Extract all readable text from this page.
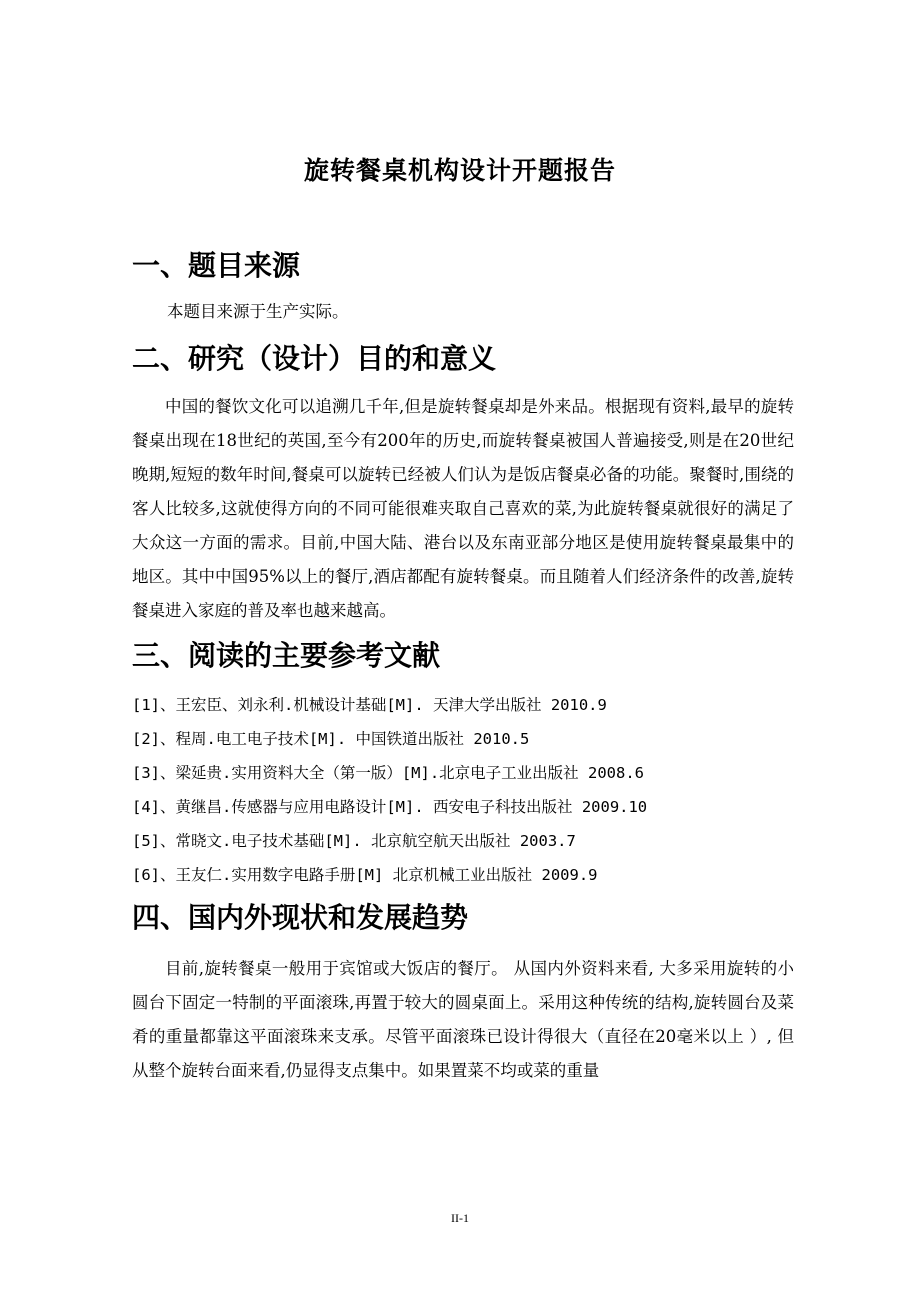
旋转餐桌机构设计开题报告
一、题目来源

本题目来源于生产实际。

二、研究（设计）目的和意义

中国的餐饮文化可以追溯几千年,但是旋转餐桌却是外来品。根据现有资料,最早的旋转餐桌出现在18世纪的英国,至今有200年的历史,而旋转餐桌被国人普遍接受,则是在20世纪晚期,短短的数年时间,餐桌可以旋转已经被人们认为是饭店餐桌必备的功能。聚餐时,围绕的客人比较多,这就使得方向的不同可能很难夹取自己喜欢的菜,为此旋转餐桌就很好的满足了大众这一方面的需求。目前,中国大陆、港台以及东南亚部分地区是使用旋转餐桌最集中的地区。其中中国95%以上的餐厅,酒店都配有旋转餐桌。而且随着人们经济条件的改善,旋转餐桌进入家庭的普及率也越来越高。

三、阅读的主要参考文献
[1]、王宏臣、刘永利.机械设计基础[M]. 天津大学出版社 2010.9
[2]、程周.电工电子技术[M]. 中国铁道出版社 2010.5
[3]、梁延贵.实用资料大全（第一版）[M].北京电子工业出版社 2008.6
[4]、黄继昌.传感器与应用电路设计[M]. 西安电子科技出版社 2009.10
[5]、常晓文.电子技术基础[M]. 北京航空航天出版社 2003.7
[6]、王友仁.实用数字电路手册[M] 北京机械工业出版社 2009.9
四、国内外现状和发展趋势

目前,旋转餐桌一般用于宾馆或大饭店的餐厅。 从国内外资料来看, 大多采用旋转的小圆台下固定一特制的平面滚珠,再置于较大的圆桌面上。采用这种传统的结构,旋转圆台及菜肴的重量都靠这平面滚珠来支承。尽管平面滚珠已设计得很大（直径在20毫米以上 ）, 但从整个旋转台面来看,仍显得支点集中。如果置菜不均或菜的重量

II-1
